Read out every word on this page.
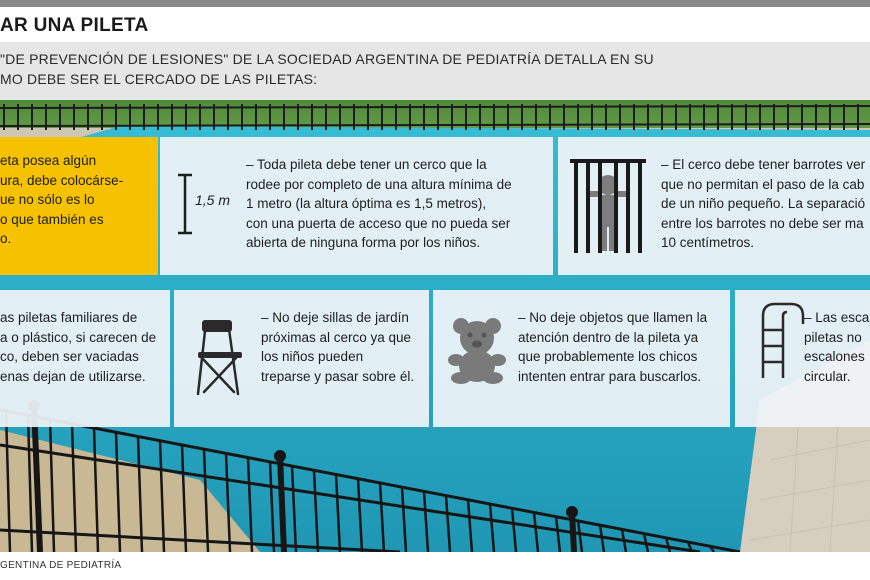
AR UNA PILETA
"DE PREVENCIÓN DE LESIONES" DE LA SOCIEDAD ARGENTINA DE PEDIATRÍA DETALLA EN SU
MO DEBE SER EL CERCADO DE LAS PILETAS:

eta posea algún

ura, debe colocárse-

ue no sólo es lo

o que también es

o.

1,5 m

– Toda pileta debe tener un cerco que la

rodee por completo de una altura mínima de

1 metro (la altura óptima es 1,5 metros),

con una puerta de acceso que no pueda ser

abierta de ninguna forma por los niños.

– El cerco debe tener barrotes ver

que no permitan el paso de la cab

de un niño pequeño. La separació

entre los barrotes no debe ser ma

10 centímetros.

as piletas familiares de

a o plástico, si carecen de

co, deben ser vaciadas

enas dejan de utilizarse.

– No deje sillas de jardín

próximas al cerco ya que

los niños pueden

treparse y pasar sobre él.

– No deje objetos que llamen la

atención dentro de la pileta ya

que probablemente los chicos

intenten entrar para buscarlos.

– Las esca

piletas no

escalones

circular.

GENTINA DE PEDIATRÍA
